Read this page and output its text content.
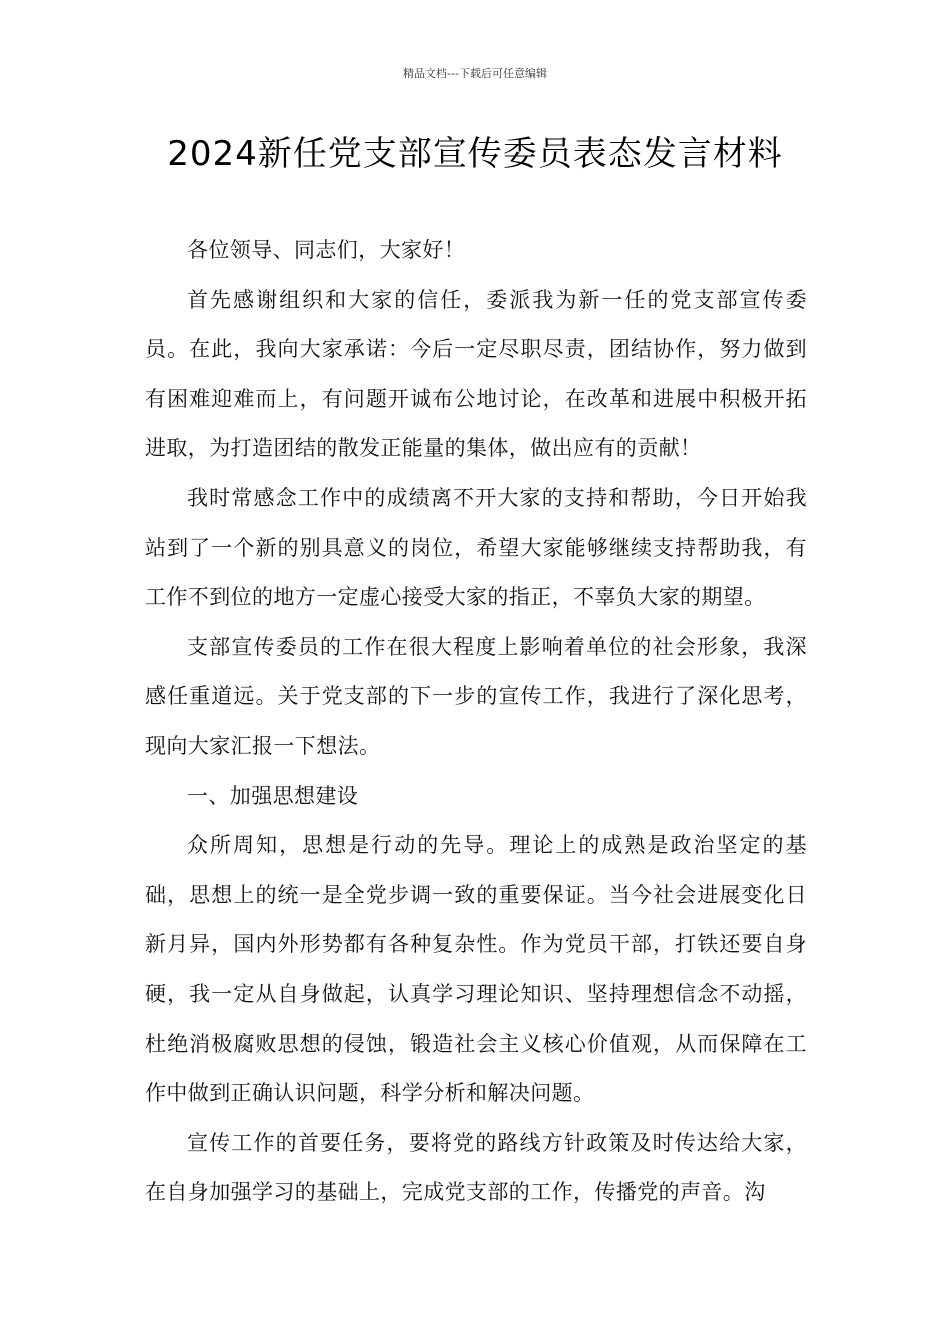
精品文档---下载后可任意编辑
2024新任党支部宣传委员表态发言材料

各位领导、同志们，大家好！

首先感谢组织和大家的信任，委派我为新一任的党支部宣传委员。在此，我向大家承诺：今后一定尽职尽责，团结协作，努力做到有困难迎难而上，有问题开诚布公地讨论，在改革和进展中积极开拓进取，为打造团结的散发正能量的集体，做出应有的贡献！

我时常感念工作中的成绩离不开大家的支持和帮助，今日开始我站到了一个新的别具意义的岗位，希望大家能够继续支持帮助我，有工作不到位的地方一定虚心接受大家的指正，不辜负大家的期望。

支部宣传委员的工作在很大程度上影响着单位的社会形象，我深感任重道远。关于党支部的下一步的宣传工作，我进行了深化思考，现向大家汇报一下想法。

一、加强思想建设

众所周知，思想是行动的先导。理论上的成熟是政治坚定的基础，思想上的统一是全党步调一致的重要保证。当今社会进展变化日新月异，国内外形势都有各种复杂性。作为党员干部，打铁还要自身硬，我一定从自身做起，认真学习理论知识、坚持理想信念不动摇，杜绝消极腐败思想的侵蚀，锻造社会主义核心价值观，从而保障在工作中做到正确认识问题，科学分析和解决问题。

宣传工作的首要任务，要将党的路线方针政策及时传达给大家，在自身加强学习的基础上，完成党支部的工作，传播党的声音。沟
